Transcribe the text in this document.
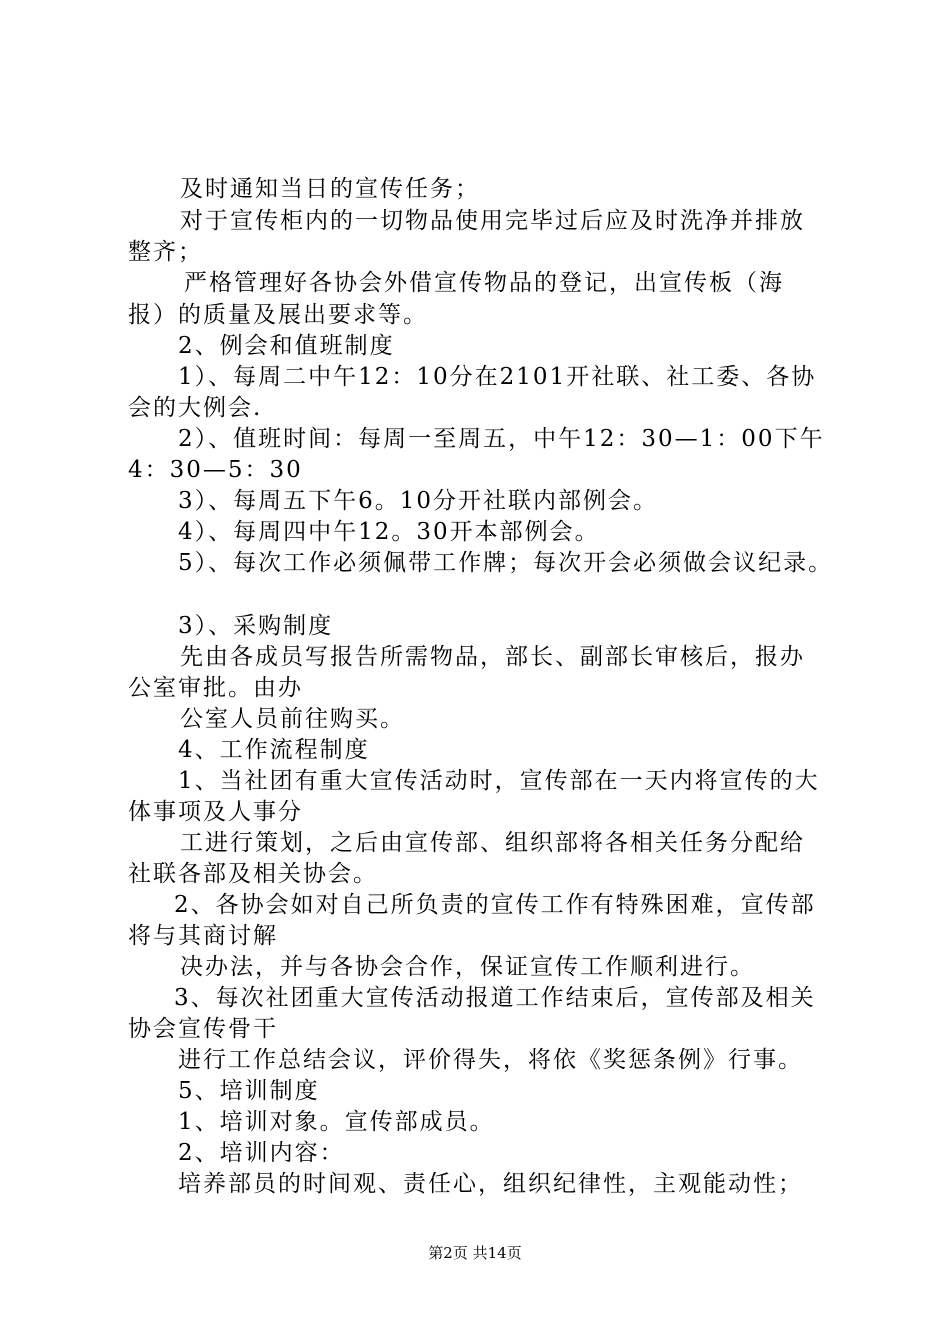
及时通知当日的宣传任务；
对于宣传柜内的一切物品使用完毕过后应及时洗净并排放
整齐；
严格管理好各协会外借宣传物品的登记，出宣传板（海
报）的质量及展出要求等。
2、例会和值班制度
1）、每周二中午12：10分在2101开社联、社工委、各协
会的大例会.
2）、值班时间：每周一至周五，中午12：30—1：00下午
4：30—5：30
3）、每周五下午6。10分开社联内部例会。
4）、每周四中午12。30开本部例会。
5）、每次工作必须佩带工作牌；每次开会必须做会议纪录。
3）、采购制度
先由各成员写报告所需物品，部长、副部长审核后，报办
公室审批。由办
公室人员前往购买。
4、工作流程制度
1、当社团有重大宣传活动时，宣传部在一天内将宣传的大
体事项及人事分
工进行策划，之后由宣传部、组织部将各相关任务分配给
社联各部及相关协会。
2、各协会如对自己所负责的宣传工作有特殊困难，宣传部
将与其商讨解
决办法，并与各协会合作，保证宣传工作顺利进行。
3、每次社团重大宣传活动报道工作结束后，宣传部及相关
协会宣传骨干
进行工作总结会议，评价得失，将依《奖惩条例》行事。
5、培训制度
1、培训对象。宣传部成员。
2、培训内容：
培养部员的时间观、责任心，组织纪律性，主观能动性；
第2页 共14页
